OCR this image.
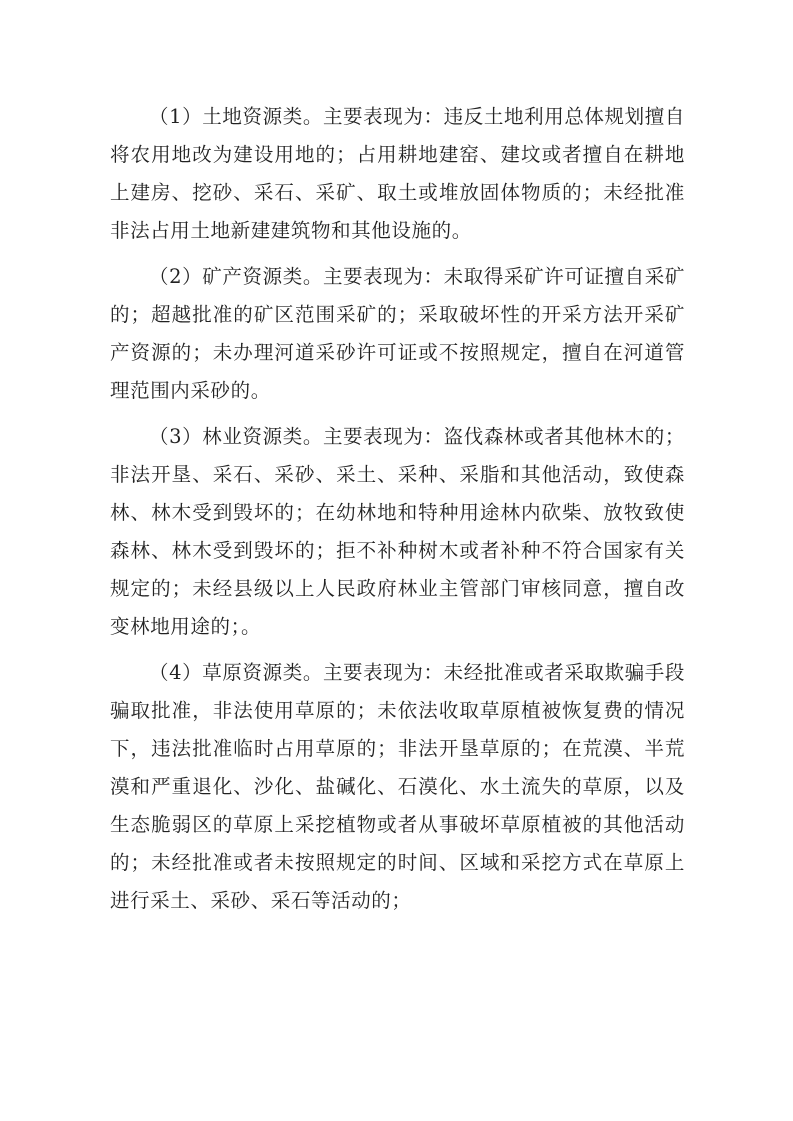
（1）土地资源类。主要表现为：违反土地利用总体规划擅自将农用地改为建设用地的；占用耕地建窑、建坟或者擅自在耕地上建房、挖砂、采石、采矿、取土或堆放固体物质的；未经批准非法占用土地新建建筑物和其他设施的。

（2）矿产资源类。主要表现为：未取得采矿许可证擅自采矿的；超越批准的矿区范围采矿的；采取破坏性的开采方法开采矿产资源的；未办理河道采砂许可证或不按照规定，擅自在河道管理范围内采砂的。

（3）林业资源类。主要表现为：盗伐森林或者其他林木的；非法开垦、采石、采砂、采土、采种、采脂和其他活动，致使森林、林木受到毁坏的；在幼林地和特种用途林内砍柴、放牧致使森林、林木受到毁坏的；拒不补种树木或者补种不符合国家有关规定的；未经县级以上人民政府林业主管部门审核同意，擅自改变林地用途的；。

（4）草原资源类。主要表现为：未经批准或者采取欺骗手段骗取批准，非法使用草原的；未依法收取草原植被恢复费的情况下，违法批准临时占用草原的；非法开垦草原的；在荒漠、半荒漠和严重退化、沙化、盐碱化、石漠化、水土流失的草原，以及生态脆弱区的草原上采挖植物或者从事破坏草原植被的其他活动的；未经批准或者未按照规定的时间、区域和采挖方式在草原上进行采土、采砂、采石等活动的；
